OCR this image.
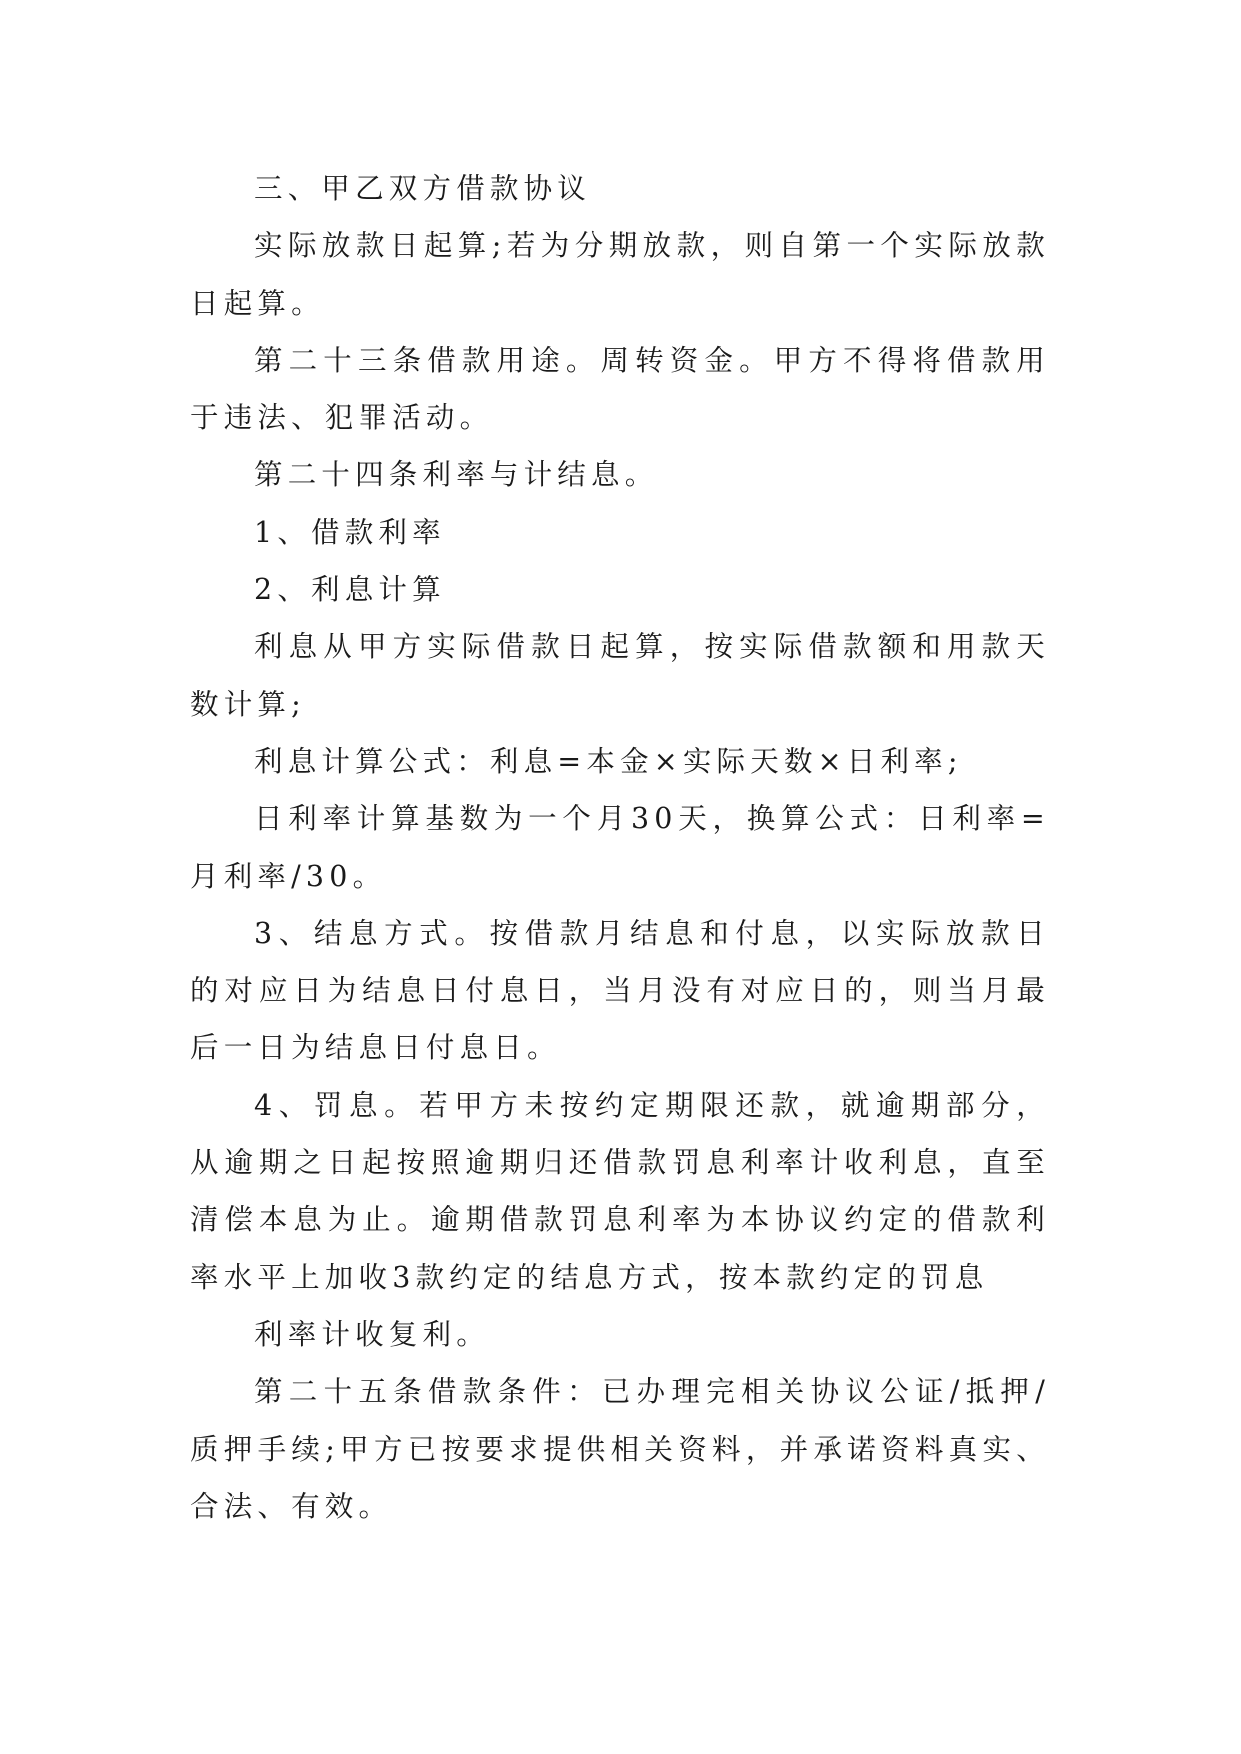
三、甲乙双方借款协议

实际放款日起算;若为分期放款，则自第一个实际放款日起算。

第二十三条借款用途。周转资金。甲方不得将借款用于违法、犯罪活动。

第二十四条利率与计结息。

1、借款利率

2、利息计算

利息从甲方实际借款日起算，按实际借款额和用款天数计算;

利息计算公式：利息=本金×实际天数×日利率;

日利率计算基数为一个月30天，换算公式：日利率=月利率/30。

3、结息方式。按借款月结息和付息，以实际放款日的对应日为结息日付息日，当月没有对应日的，则当月最后一日为结息日付息日。

4、罚息。若甲方未按约定期限还款，就逾期部分，从逾期之日起按照逾期归还借款罚息利率计收利息，直至清偿本息为止。逾期借款罚息利率为本协议约定的借款利率水平上加收3款约定的结息方式，按本款约定的罚息

利率计收复利。

第二十五条借款条件：已办理完相关协议公证/抵押/质押手续;甲方已按要求提供相关资料，并承诺资料真实、合法、有效。
